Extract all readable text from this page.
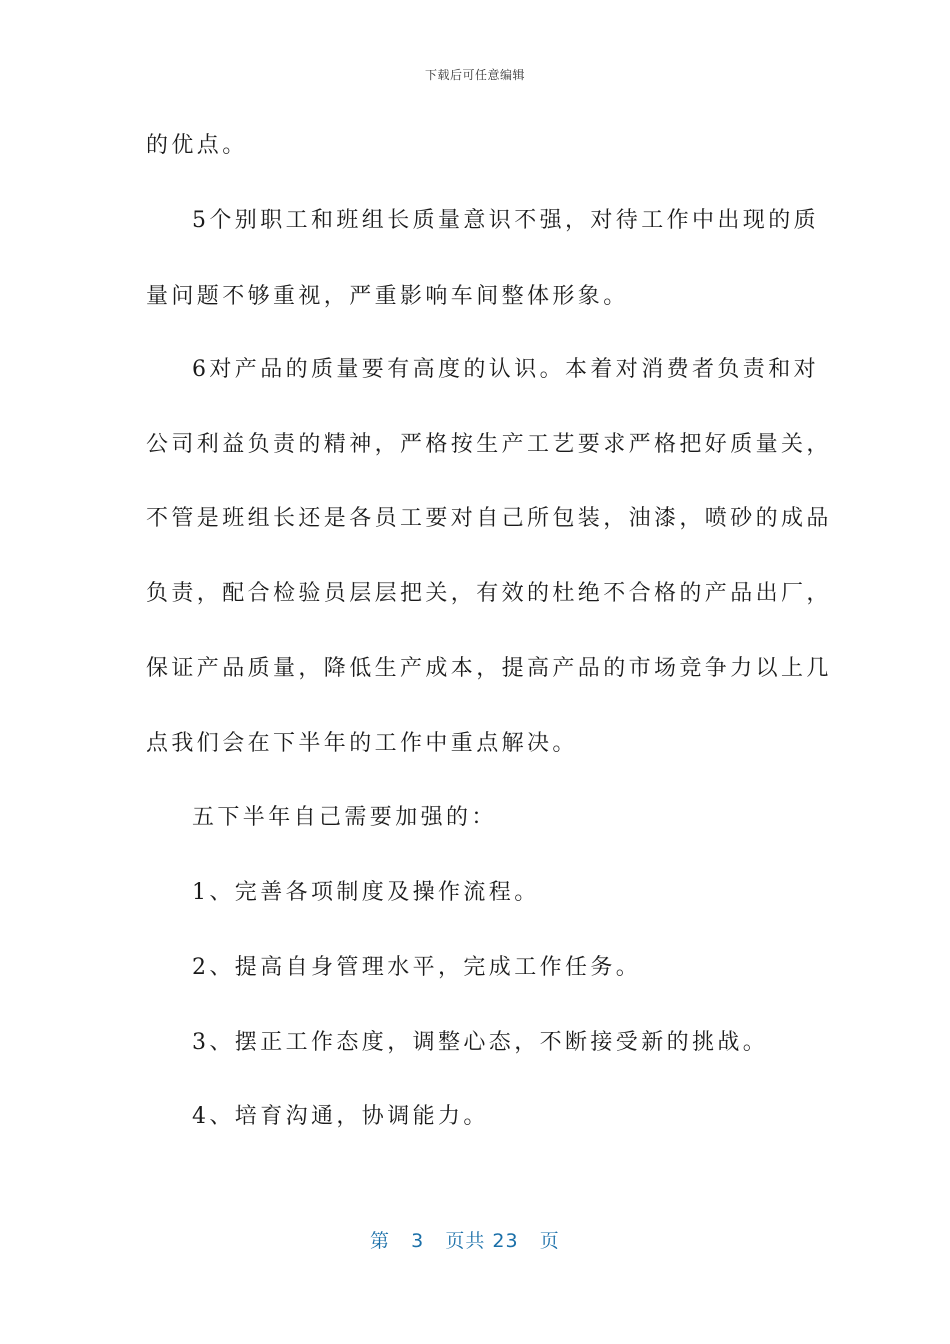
下载后可任意编辑
的优点。
5个别职工和班组长质量意识不强，对待工作中出现的质
量问题不够重视，严重影响车间整体形象。
6对产品的质量要有高度的认识。本着对消费者负责和对
公司利益负责的精神，严格按生产工艺要求严格把好质量关，
不管是班组长还是各员工要对自己所包装，油漆，喷砂的成品
负责，配合检验员层层把关，有效的杜绝不合格的产品出厂，
保证产品质量，降低生产成本，提高产品的市场竞争力以上几
点我们会在下半年的工作中重点解决。
五下半年自己需要加强的：
1、完善各项制度及操作流程。
2、提高自身管理水平，完成工作任务。
3、摆正工作态度，调整心态，不断接受新的挑战。
4、培育沟通，协调能力。
第 3 页共 23 页
